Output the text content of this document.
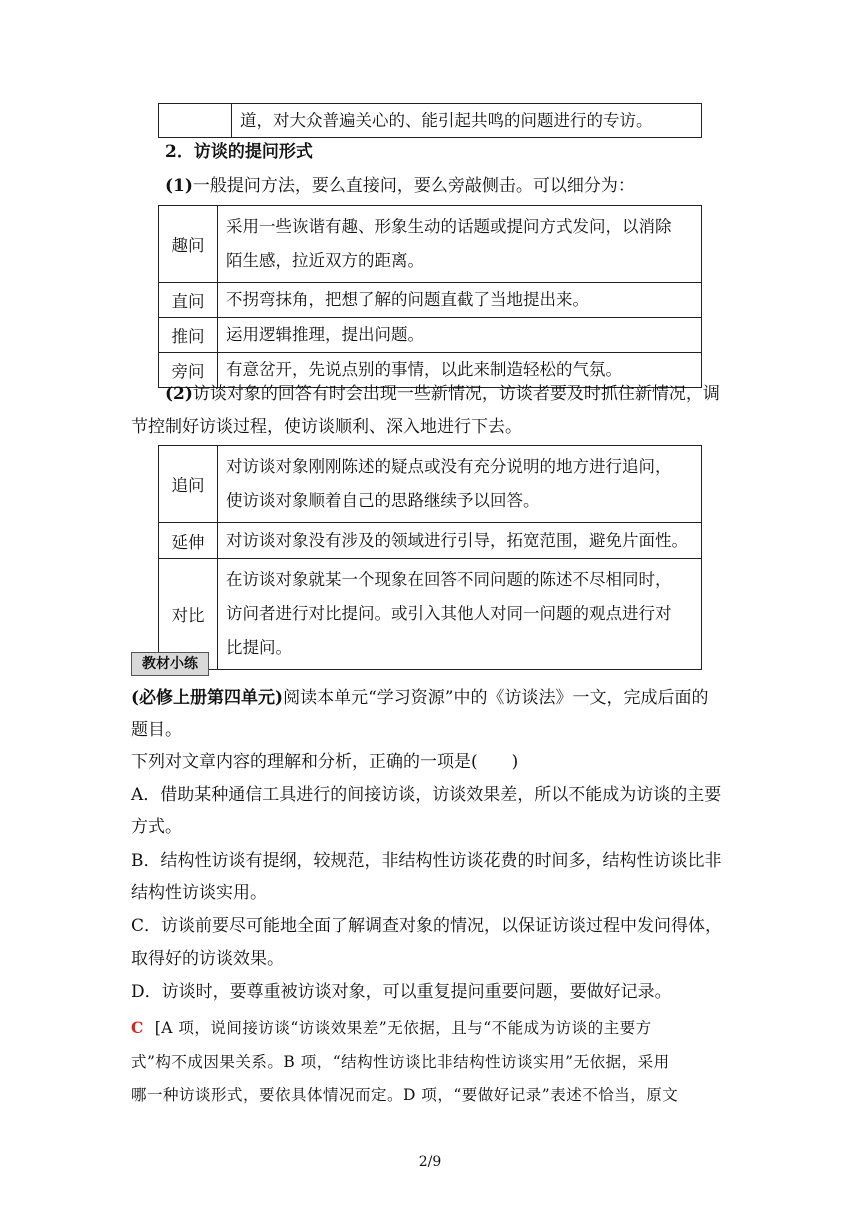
	道，对大众普遍关心的、能引起共鸣的问题进行的专访。
2．访谈的提问形式
(1)一般提问方法，要么直接问，要么旁敲侧击。可以细分为：
趣问	采用一些诙谐有趣、形象生动的话题或提问方式发问，以消除
陌生感，拉近双方的距离。

直问	不拐弯抹角，把想了解的问题直截了当地提出来。

推问	运用逻辑推理，提出问题。

旁问	有意岔开，先说点别的事情，以此来制造轻松的气氛。
(2)访谈对象的回答有时会出现一些新情况，访谈者要及时抓住新情况，调
节控制好访谈过程，使访谈顺利、深入地进行下去。
追问	对访谈对象刚刚陈述的疑点或没有充分说明的地方进行追问，
使访谈对象顺着自己的思路继续予以回答。

延伸	对访谈对象没有涉及的领域进行引导，拓宽范围，避免片面性。

对比	在访谈对象就某一个现象在回答不同问题的陈述不尽相同时，
访问者进行对比提问。或引入其他人对同一问题的观点进行对
比提问。
教材小练
(必修上册第四单元)阅读本单元“学习资源”中的《访谈法》一文，完成后面的
题目。
下列对文章内容的理解和分析，正确的一项是(　　)
A．借助某种通信工具进行的间接访谈，访谈效果差，所以不能成为访谈的主要
方式。
B．结构性访谈有提纲，较规范，非结构性访谈花费的时间多，结构性访谈比非
结构性访谈实用。
C．访谈前要尽可能地全面了解调查对象的情况，以保证访谈过程中发问得体，
取得好的访谈效果。
D．访谈时，要尊重被访谈对象，可以重复提问重要问题，要做好记录。
C [A 项，说间接访谈“访谈效果差”无依据，且与“不能成为访谈的主要方
式”构不成因果关系。B 项，“结构性访谈比非结构性访谈实用”无依据，采用
哪一种访谈形式，要依具体情况而定。D 项，“要做好记录”表述不恰当，原文
2/9
